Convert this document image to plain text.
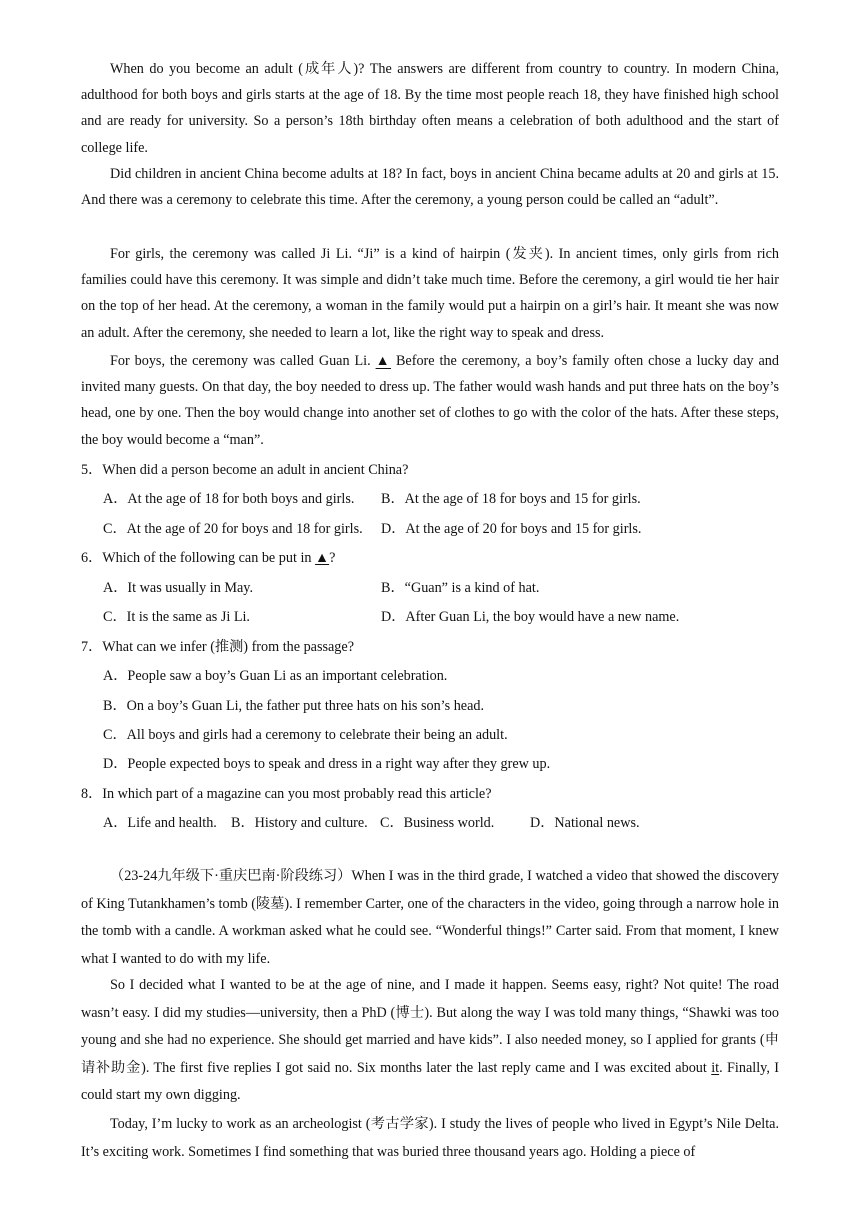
When do you become an adult (成年人)? The answers are different from country to country. In modern China, adulthood for both boys and girls starts at the age of 18. By the time most people reach 18, they have finished high school and are ready for university. So a person’s 18th birthday often means a celebration of both adulthood and the start of college life.

Did children in ancient China become adults at 18? In fact, boys in ancient China became adults at 20 and girls at 15. And there was a ceremony to celebrate this time. After the ceremony, a young person could be called an “adult”.

For girls, the ceremony was called Ji Li. “Ji” is a kind of hairpin (发夹). In ancient times, only girls from rich families could have this ceremony. It was simple and didn’t take much time. Before the ceremony, a girl would tie her hair on the top of her head. At the ceremony, a woman in the family would put a hairpin on a girl’s hair. It meant she was now an adult. After the ceremony, she needed to learn a lot, like the right way to speak and dress.

For boys, the ceremony was called Guan Li. ▲ Before the ceremony, a boy’s family often chose a lucky day and invited many guests. On that day, the boy needed to dress up. The father would wash hands and put three hats on the boy’s head, one by one. Then the boy would change into another set of clothes to go with the color of the hats. After these steps, the boy would become a “man”.

5．When did a person become an adult in ancient China?

A．At the age of 18 for both boys and girls. B．At the age of 18 for boys and 15 for girls.

C．At the age of 20 for boys and 18 for girls. D．At the age of 20 for boys and 15 for girls.

6．Which of the following can be put in ▲?

A．It was usually in May.	B．“Guan” is a kind of hat.

C．It is the same as Ji Li.	D．After Guan Li, the boy would have a new name.

7．What can we infer (推测) from the passage?

A．People saw a boy’s Guan Li as an important celebration.

B．On a boy’s Guan Li, the father put three hats on his son’s head.

C．All boys and girls had a ceremony to celebrate their being an adult.

D．People expected boys to speak and dress in a right way after they grew up.

8．In which part of a magazine can you most probably read this article?

A．Life and health. B．History and culture. C．Business world.	D．National news.

（23-24九年级下·重庆巴南·阶段练习）When I was in the third grade, I watched a video that showed the discovery of King Tutankhamen’s tomb (陵墓). I remember Carter, one of the characters in the video, going through a narrow hole in the tomb with a candle. A workman asked what he could see. “Wonderful things!” Carter said. From that moment, I knew what I wanted to do with my life.

So I decided what I wanted to be at the age of nine, and I made it happen. Seems easy, right? Not quite! The road wasn’t easy. I did my studies—university, then a PhD (博士). But along the way I was told many things, “Shawki was too young and she had no experience. She should get married and have kids”. I also needed money, so I applied for grants (申请补助金). The first five replies I got said no. Six months later the last reply came and I was excited about it. Finally, I could start my own digging.

Today, I’m lucky to work as an archeologist (考古学家). I study the lives of people who lived in Egypt’s Nile Delta. It’s exciting work. Sometimes I find something that was buried three thousand years ago. Holding a piece of
